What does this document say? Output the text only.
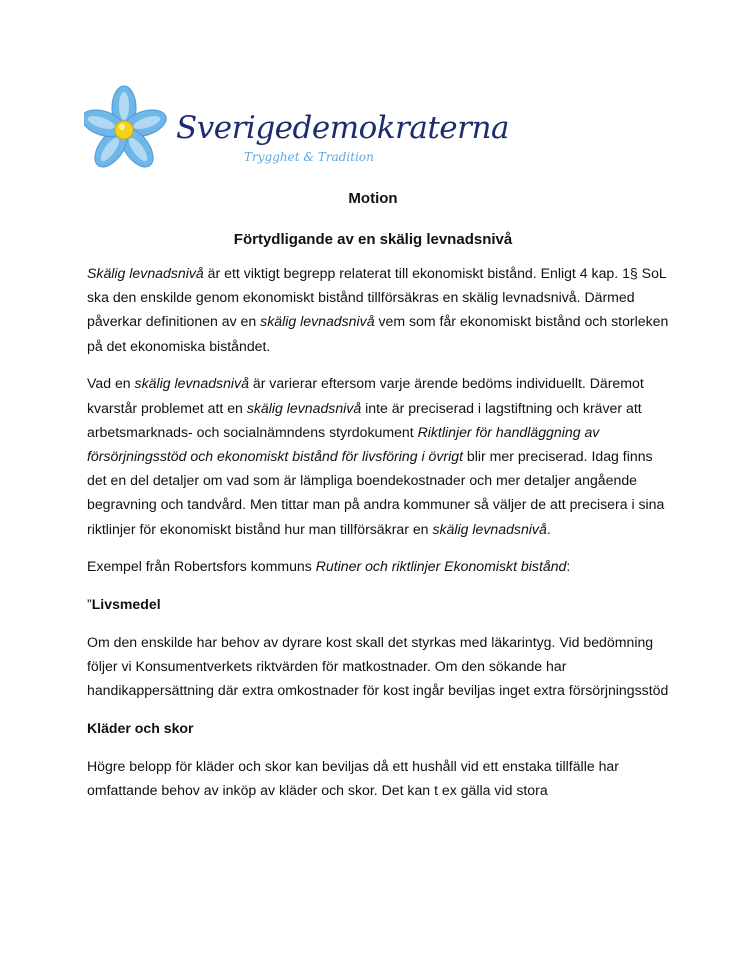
Sverigedemokraterna
Trygghet & Tradition
Motion
Förtydligande av en skälig levnadsnivå

Skälig levnadsnivå är ett viktigt begrepp relaterat till ekonomiskt bistånd. Enligt 4 kap. 1§ SoL ska den enskilde genom ekonomiskt bistånd tillförsäkras en skälig levnadsnivå. Därmed påverkar definitionen av en skälig levnadsnivå vem som får ekonomiskt bistånd och storleken på det ekonomiska biståndet.

Vad en skälig levnadsnivå är varierar eftersom varje ärende bedöms individuellt. Däremot kvarstår problemet att en skälig levnadsnivå inte är preciserad i lagstiftning och kräver att arbetsmarknads- och socialnämndens styrdokument Riktlinjer för handläggning av försörjningsstöd och ekonomiskt bistånd för livsföring i övrigt blir mer preciserad. Idag finns det en del detaljer om vad som är lämpliga boendekostnader och mer detaljer angående begravning och tandvård. Men tittar man på andra kommuner så väljer de att precisera i sina riktlinjer för ekonomiskt bistånd hur man tillförsäkrar en skälig levnadsnivå.

Exempel från Robertsfors kommuns Rutiner och riktlinjer Ekonomiskt bistånd:

”Livsmedel

Om den enskilde har behov av dyrare kost skall det styrkas med läkarintyg. Vid bedömning följer vi Konsumentverkets riktvärden för matkostnader. Om den sökande har handikappersättning där extra omkostnader för kost ingår beviljas inget extra försörjningsstöd

Kläder och skor

Högre belopp för kläder och skor kan beviljas då ett hushåll vid ett enstaka tillfälle har omfattande behov av inköp av kläder och skor. Det kan t ex gälla vid stora
